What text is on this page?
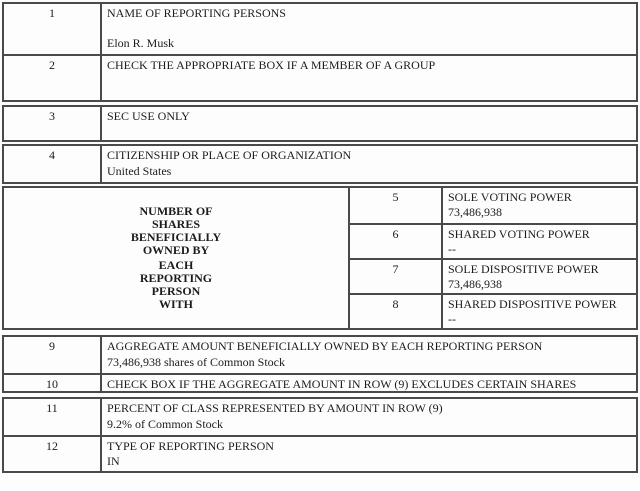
1	NAME OF REPORTING PERSONS
Elon R. Musk
2	CHECK THE APPROPRIATE BOX IF A MEMBER OF A GROUP
3	SEC USE ONLY
4	CITIZENSHIP OR PLACE OF ORGANIZATION
United States
NUMBER OF
SHARES
BENEFICIALLY
OWNED BY
EACH
REPORTING
PERSON
WITH
5	SOLE VOTING POWER
73,486,938
6	SHARED VOTING POWER
--
7	SOLE DISPOSITIVE POWER
73,486,938
8	SHARED DISPOSITIVE POWER
--
9	AGGREGATE AMOUNT BENEFICIALLY OWNED BY EACH REPORTING PERSON
73,486,938 shares of Common Stock
10	CHECK BOX IF THE AGGREGATE AMOUNT IN ROW (9) EXCLUDES CERTAIN SHARES
11	PERCENT OF CLASS REPRESENTED BY AMOUNT IN ROW (9)
9.2% of Common Stock
12	TYPE OF REPORTING PERSON
IN
